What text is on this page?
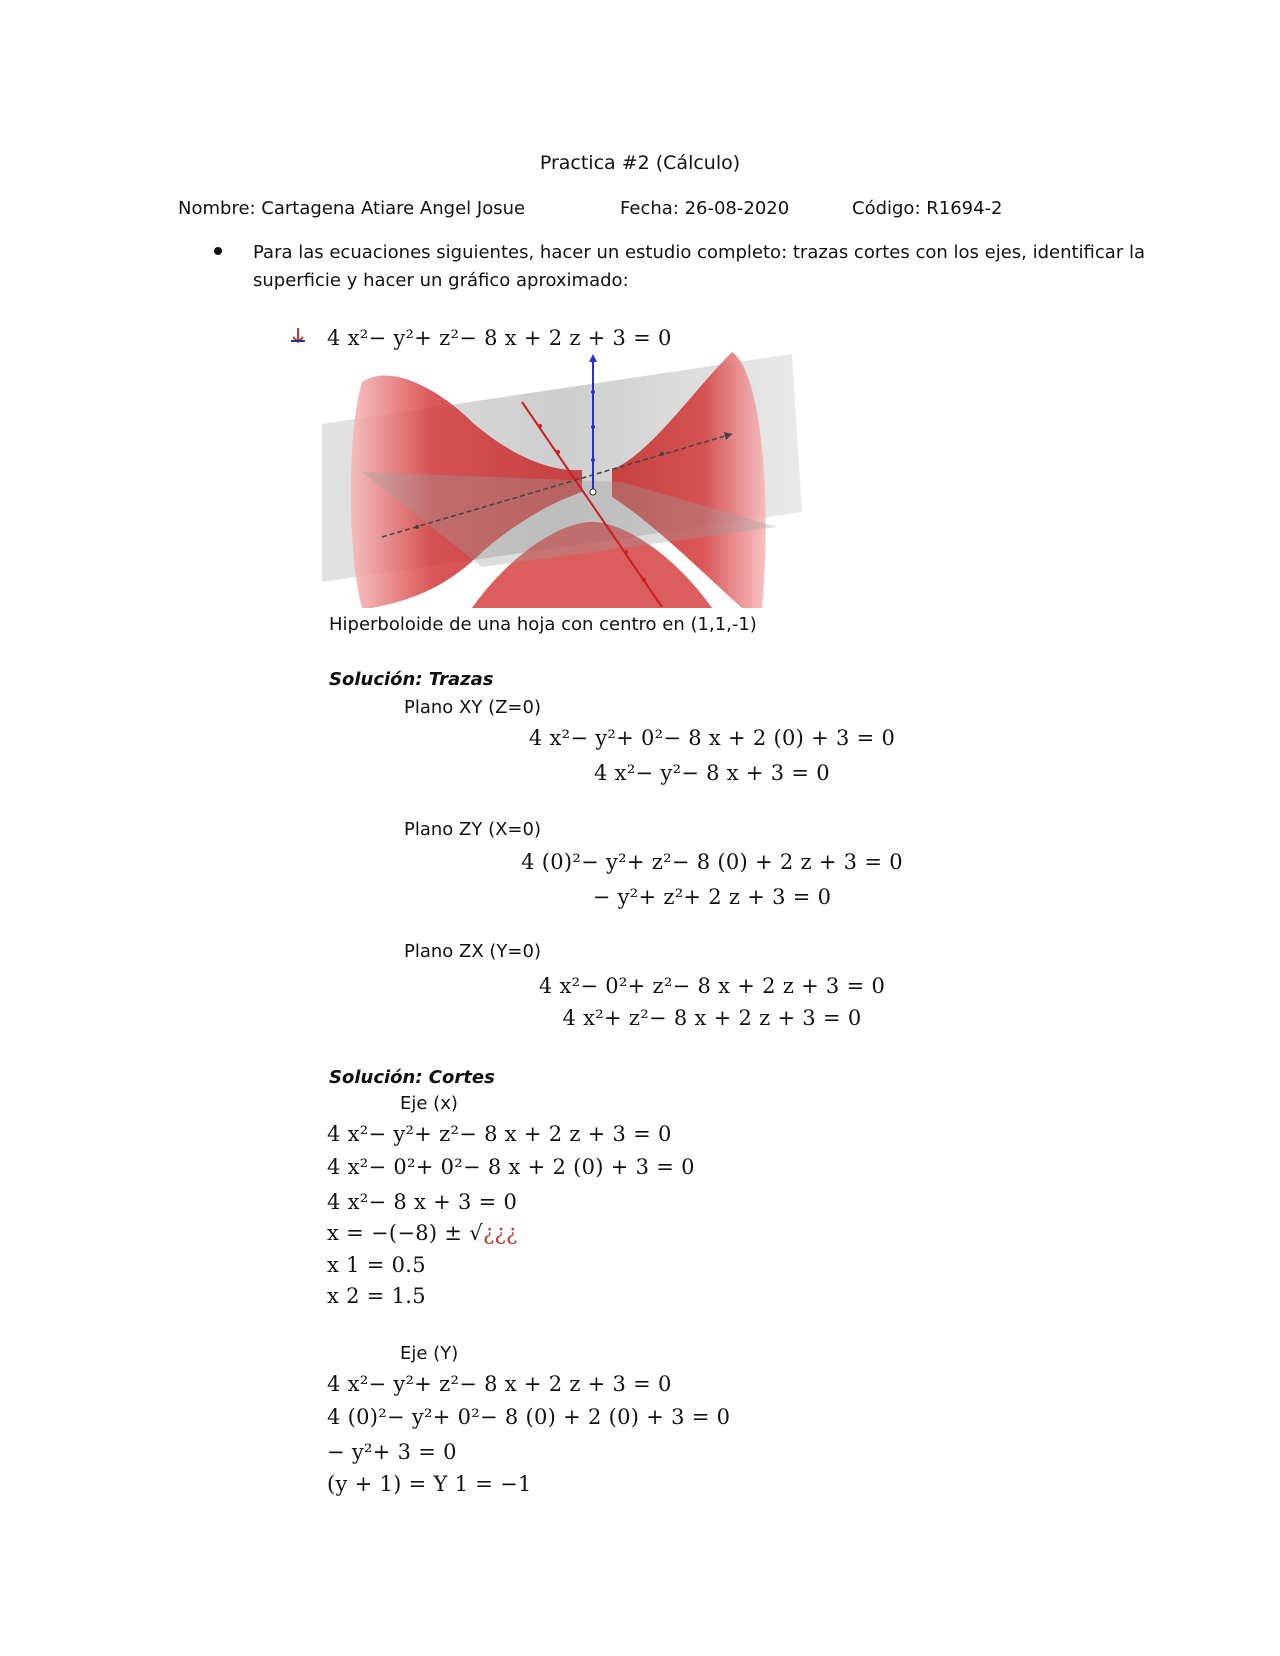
Practica #2 (Cálculo)
Nombre: Cartagena Atiare Angel Josue	Fecha: 26-08-2020	Código: R1694-2
Para las ecuaciones siguientes, hacer un estudio completo: trazas cortes con los ejes, identificar la
superficie y hacer un gráfico aproximado:
4 x²− y²+ z²− 8 x + 2 z + 3 = 0
Hiperboloide de una hoja con centro en (1,1,-1)
Solución: Trazas
Plano XY (Z=0)
4 x²− y²+ 0²− 8 x + 2 (0) + 3 = 0
4 x²− y²− 8 x + 3 = 0
Plano ZY (X=0)
4 (0)²− y²+ z²− 8 (0) + 2 z + 3 = 0
− y²+ z²+ 2 z + 3 = 0
Plano ZX (Y=0)
4 x²− 0²+ z²− 8 x + 2 z + 3 = 0
4 x²+ z²− 8 x + 2 z + 3 = 0
Solución: Cortes
Eje (x)
4 x²− y²+ z²− 8 x + 2 z + 3 = 0
4 x²− 0²+ 0²− 8 x + 2 (0) + 3 = 0
4 x²− 8 x + 3 = 0
x = −(−8) ± √¿¿¿
x 1 = 0.5
x 2 = 1.5
Eje (Y)
4 x²− y²+ z²− 8 x + 2 z + 3 = 0
4 (0)²− y²+ 0²− 8 (0) + 2 (0) + 3 = 0
− y²+ 3 = 0
(y + 1) = Y 1 = −1
